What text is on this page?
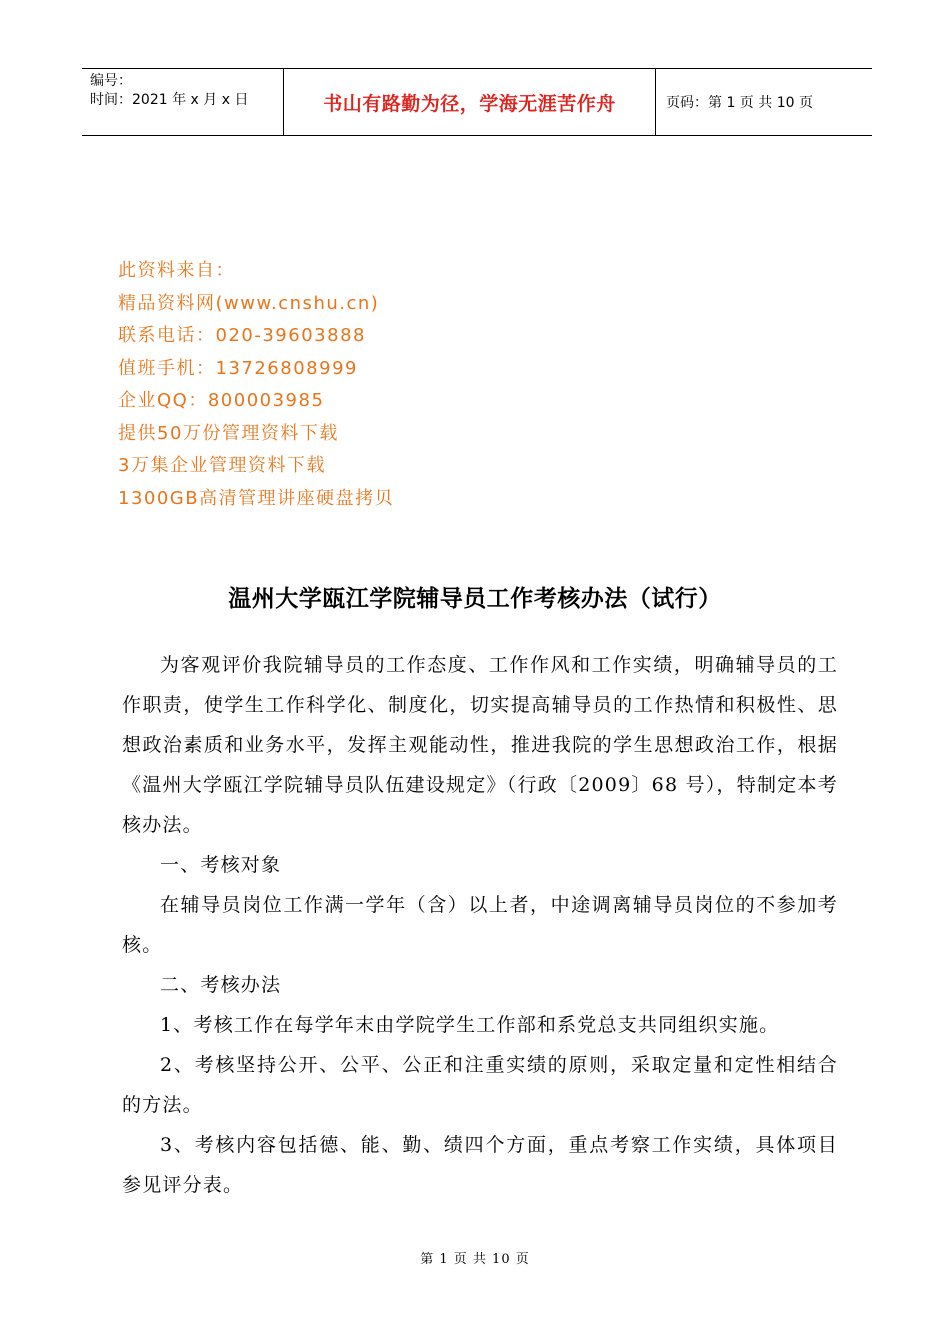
编号：
时间：2021 年 x 月 x 日	书山有路勤为径，学海无涯苦作舟	页码：第 1 页 共 10 页
此资料来自：
精品资料网(www.cnshu.cn)
联系电话：020-39603888
值班手机：13726808999
企业QQ：800003985
提供50万份管理资料下载
3万集企业管理资料下载
1300GB高清管理讲座硬盘拷贝
温州大学瓯江学院辅导员工作考核办法（试行）

为客观评价我院辅导员的工作态度、工作作风和工作实绩，明确辅导员的工作职责，使学生工作科学化、制度化，切实提高辅导员的工作热情和积极性、思想政治素质和业务水平，发挥主观能动性，推进我院的学生思想政治工作，根据《温州大学瓯江学院辅导员队伍建设规定》（行政〔2009〕68 号），特制定本考核办法。

一、考核对象

在辅导员岗位工作满一学年（含）以上者，中途调离辅导员岗位的不参加考核。

二、考核办法

1、考核工作在每学年末由学院学生工作部和系党总支共同组织实施。

2、考核坚持公开、公平、公正和注重实绩的原则，采取定量和定性相结合的方法。

3、考核内容包括德、能、勤、绩四个方面，重点考察工作实绩，具体项目参见评分表。

第 1 页 共 10 页
